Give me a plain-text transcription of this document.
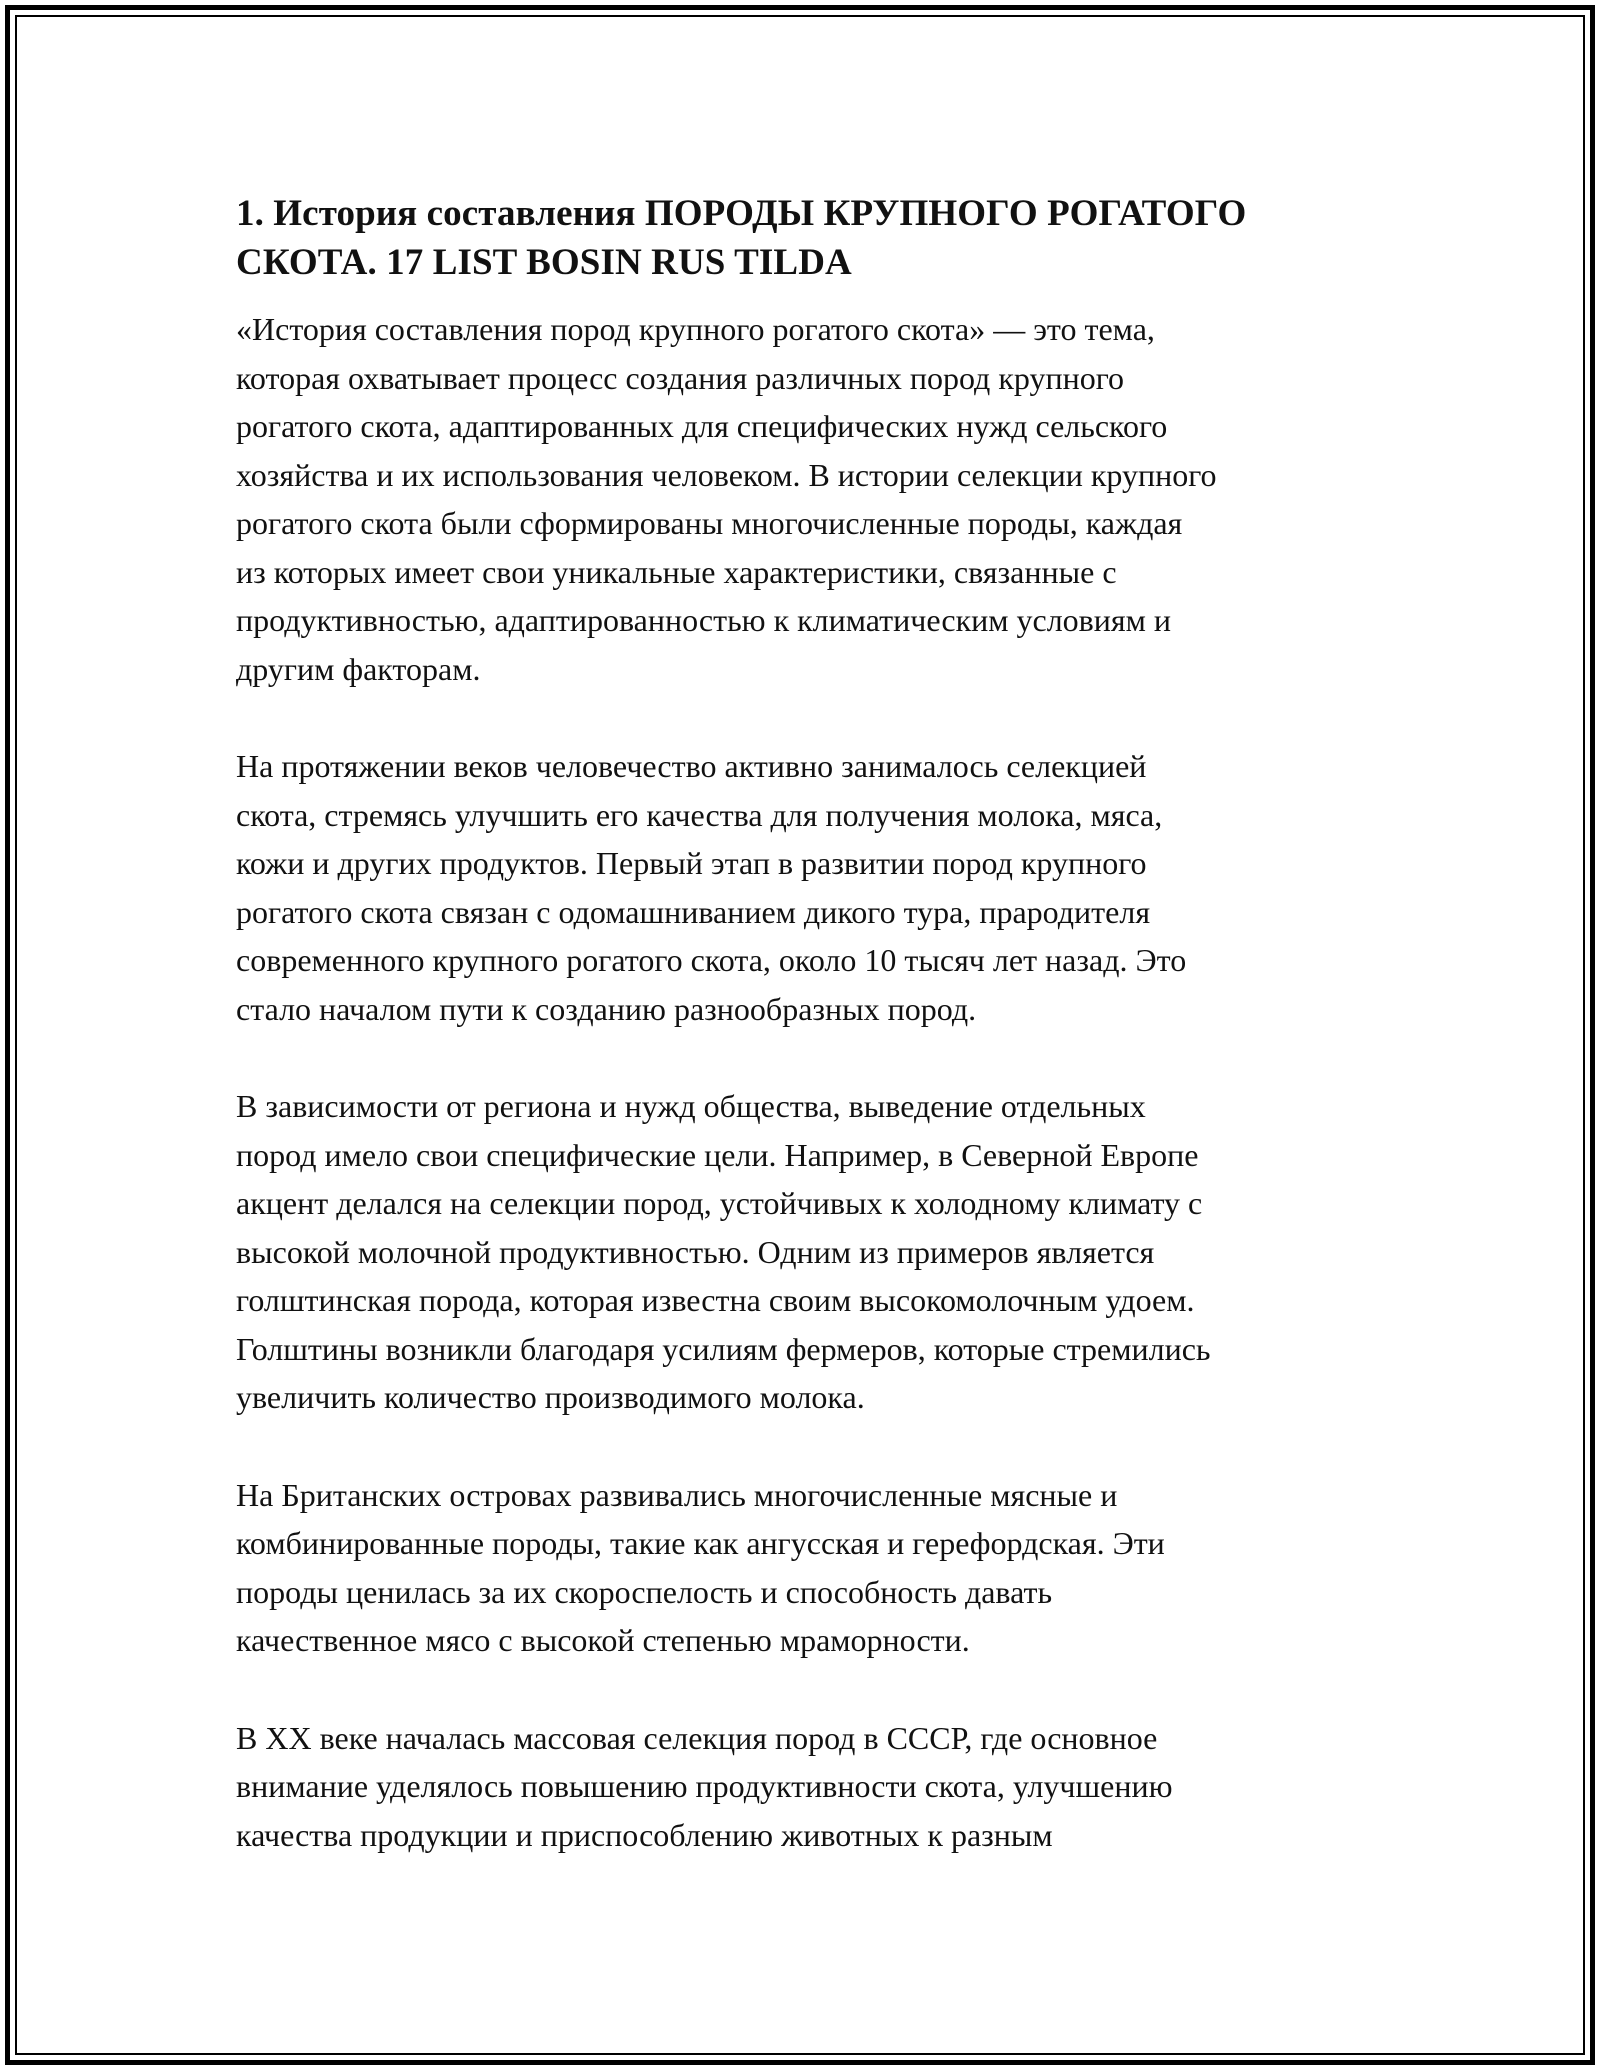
1. История составления ПОРОДЫ КРУПНОГО РОГАТОГО СКОТА. 17 LIST BOSIN RUS TILDA

«История составления пород крупного рогатого скота» — это тема,
которая охватывает процесс создания различных пород крупного
рогатого скота, адаптированных для специфических нужд сельского
хозяйства и их использования человеком. В истории селекции крупного
рогатого скота были сформированы многочисленные породы, каждая
из которых имеет свои уникальные характеристики, связанные с
продуктивностью, адаптированностью к климатическим условиям и
другим факторам.

На протяжении веков человечество активно занималось селекцией
скота, стремясь улучшить его качества для получения молока, мяса,
кожи и других продуктов. Первый этап в развитии пород крупного
рогатого скота связан с одомашниванием дикого тура, прародителя
современного крупного рогатого скота, около 10 тысяч лет назад. Это
стало началом пути к созданию разнообразных пород.

В зависимости от региона и нужд общества, выведение отдельных
пород имело свои специфические цели. Например, в Северной Европе
акцент делался на селекции пород, устойчивых к холодному климату с
высокой молочной продуктивностью. Одним из примеров является
голштинская порода, которая известна своим высокомолочным удоем.
Голштины возникли благодаря усилиям фермеров, которые стремились
увеличить количество производимого молока.

На Британских островах развивались многочисленные мясные и
комбинированные породы, такие как ангусская и герефордская. Эти
породы ценилась за их скороспелость и способность давать
качественное мясо с высокой степенью мраморности.

В XX веке началась массовая селекция пород в СССР, где основное
внимание уделялось повышению продуктивности скота, улучшению
качества продукции и приспособлению животных к разным
